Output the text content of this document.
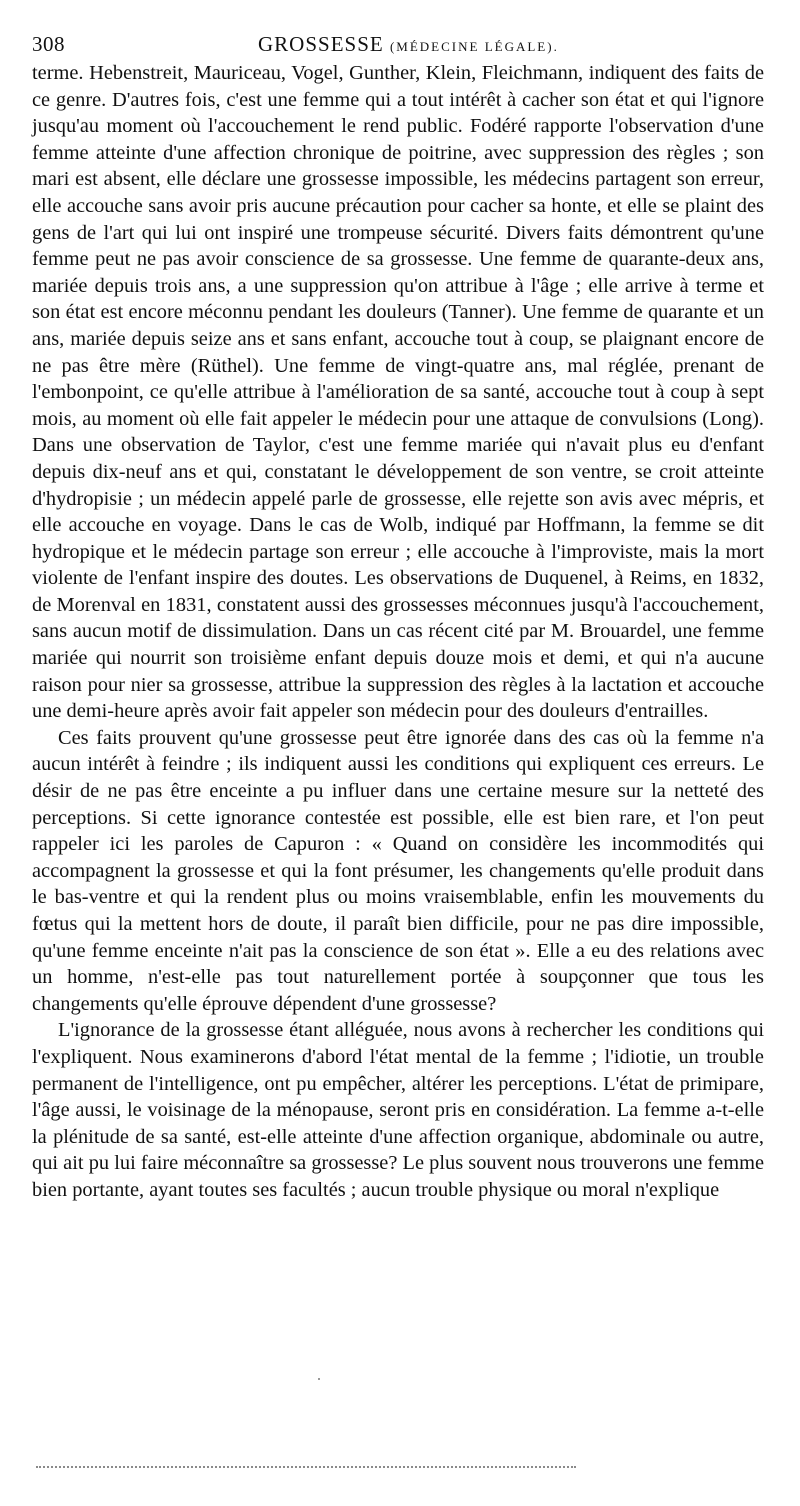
308	GROSSESSE (MÉDECINE LÉGALE).

terme. Hebenstreit, Mauriceau, Vogel, Gunther, Klein, Fleichmann, indiquent des faits de ce genre. D'autres fois, c'est une femme qui a tout intérêt à cacher son état et qui l'ignore jusqu'au moment où l'accouchement le rend public. Fodéré rapporte l'observation d'une femme atteinte d'une affection chronique de poitrine, avec suppression des règles ; son mari est absent, elle déclare une grossesse impossible, les médecins partagent son erreur, elle accouche sans avoir pris aucune précaution pour cacher sa honte, et elle se plaint des gens de l'art qui lui ont inspiré une trompeuse sécurité. Divers faits démontrent qu'une femme peut ne pas avoir conscience de sa grossesse. Une femme de quarante-deux ans, mariée depuis trois ans, a une suppression qu'on attribue à l'âge ; elle arrive à terme et son état est encore méconnu pendant les douleurs (Tanner). Une femme de quarante et un ans, mariée depuis seize ans et sans enfant, accouche tout à coup, se plaignant encore de ne pas être mère (Rüthel). Une femme de vingt-quatre ans, mal réglée, prenant de l'embonpoint, ce qu'elle attribue à l'amélioration de sa santé, accouche tout à coup à sept mois, au moment où elle fait appeler le médecin pour une attaque de convulsions (Long). Dans une observation de Taylor, c'est une femme mariée qui n'avait plus eu d'enfant depuis dix-neuf ans et qui, constatant le développement de son ventre, se croit atteinte d'hydropisie ; un médecin appelé parle de grossesse, elle rejette son avis avec mépris, et elle accouche en voyage. Dans le cas de Wolb, indiqué par Hoffmann, la femme se dit hydropique et le médecin partage son erreur ; elle accouche à l'improviste, mais la mort violente de l'enfant inspire des doutes. Les observations de Duquenel, à Reims, en 1832, de Morenval en 1831, constatent aussi des grossesses méconnues jusqu'à l'accouchement, sans aucun motif de dissimulation. Dans un cas récent cité par M. Brouardel, une femme mariée qui nourrit son troisième enfant depuis douze mois et demi, et qui n'a aucune raison pour nier sa grossesse, attribue la suppression des règles à la lactation et accouche une demi-heure après avoir fait appeler son médecin pour des douleurs d'entrailles.

Ces faits prouvent qu'une grossesse peut être ignorée dans des cas où la femme n'a aucun intérêt à feindre ; ils indiquent aussi les conditions qui expliquent ces erreurs. Le désir de ne pas être enceinte a pu influer dans une certaine mesure sur la netteté des perceptions. Si cette ignorance contestée est possible, elle est bien rare, et l'on peut rappeler ici les paroles de Capuron : « Quand on considère les incommodités qui accompagnent la grossesse et qui la font présumer, les changements qu'elle produit dans le bas-ventre et qui la rendent plus ou moins vraisemblable, enfin les mouvements du fœtus qui la mettent hors de doute, il paraît bien difficile, pour ne pas dire impossible, qu'une femme enceinte n'ait pas la conscience de son état ». Elle a eu des relations avec un homme, n'est-elle pas tout naturellement portée à soupçonner que tous les changements qu'elle éprouve dépendent d'une grossesse?

L'ignorance de la grossesse étant alléguée, nous avons à rechercher les conditions qui l'expliquent. Nous examinerons d'abord l'état mental de la femme ; l'idiotie, un trouble permanent de l'intelligence, ont pu empêcher, altérer les perceptions. L'état de primipare, l'âge aussi, le voisinage de la ménopause, seront pris en considération. La femme a-t-elle la plénitude de sa santé, est-elle atteinte d'une affection organique, abdominale ou autre, qui ait pu lui faire méconnaître sa grossesse? Le plus souvent nous trouverons une femme bien portante, ayant toutes ses facultés ; aucun trouble physique ou moral n'explique
